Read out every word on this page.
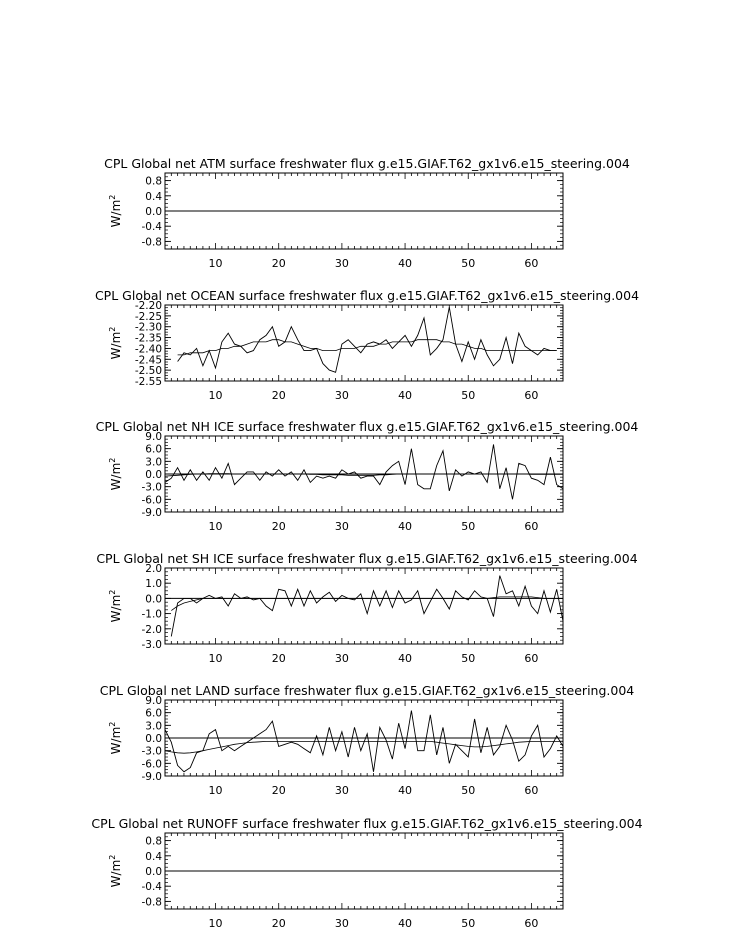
CPL Global net ATM surface freshwater flux g.e15.GIAF.T62_gx1v6.e15_steering.004
10	20	30	40	50	60
-0.8
-0.4
0.0
0.4
0.8
$W/m^2$
CPL Global net OCEAN surface freshwater flux g.e15.GIAF.T62_gx1v6.e15_steering.004
10	20	30	40	50	60
-2.55
-2.50
-2.45
-2.40
-2.35
-2.30
-2.25
-2.20
$W/m^2$
CPL Global net NH ICE surface freshwater flux g.e15.GIAF.T62_gx1v6.e15_steering.004
10	20	30	40	50	60
-9.0
-6.0
-3.0
0.0
3.0
6.0
9.0
$W/m^2$
CPL Global net SH ICE surface freshwater flux g.e15.GIAF.T62_gx1v6.e15_steering.004
10	20	30	40	50	60
-3.0
-2.0
-1.0
0.0
1.0
2.0
$W/m^2$
CPL Global net LAND surface freshwater flux g.e15.GIAF.T62_gx1v6.e15_steering.004
10	20	30	40	50	60
-9.0
-6.0
-3.0
0.0
3.0
6.0
9.0
$W/m^2$
CPL Global net RUNOFF surface freshwater flux g.e15.GIAF.T62_gx1v6.e15_steering.004
10	20	30	40	50	60
-0.8
-0.4
0.0
0.4
0.8
$W/m^2$
